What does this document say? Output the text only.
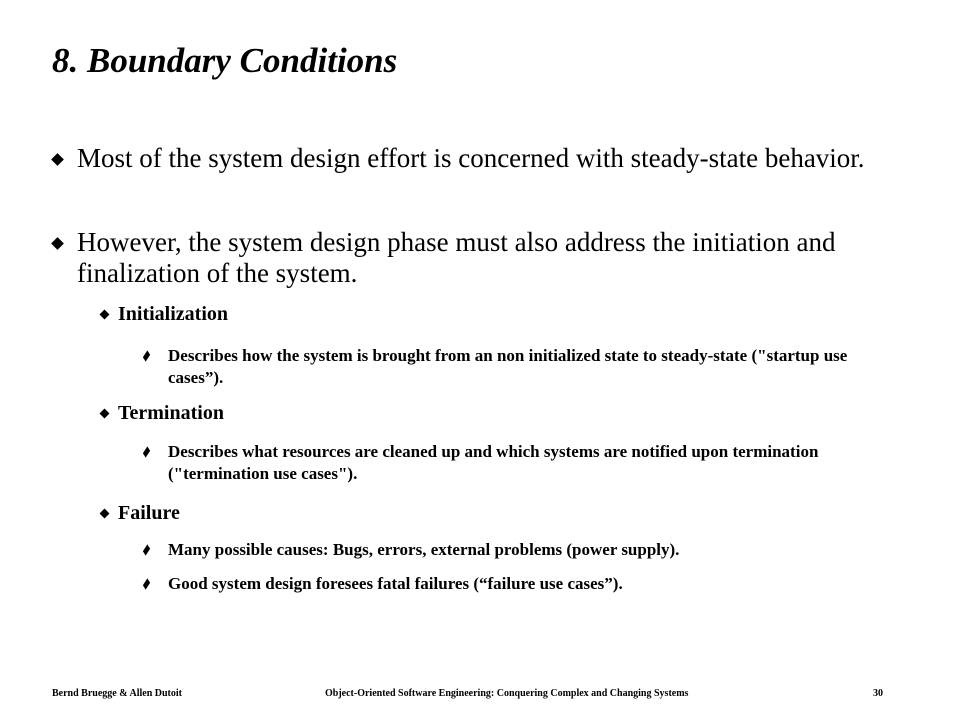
8. Boundary Conditions
Most of the system design effort is concerned with steady-state behavior.
However, the system design phase must also address the initiation and finalization of the system.
Initialization
Describes how the system is brought from an non initialized state to steady-state ("startup use cases”).
Termination
Describes what resources are cleaned up and which systems are notified upon termination ("termination use cases").
Failure
Many possible causes: Bugs, errors, external problems (power supply).
Good system design foresees fatal failures (“failure use cases”).
Bernd Bruegge & Allen Dutoit	Object-Oriented Software Engineering: Conquering Complex and Changing Systems	30
